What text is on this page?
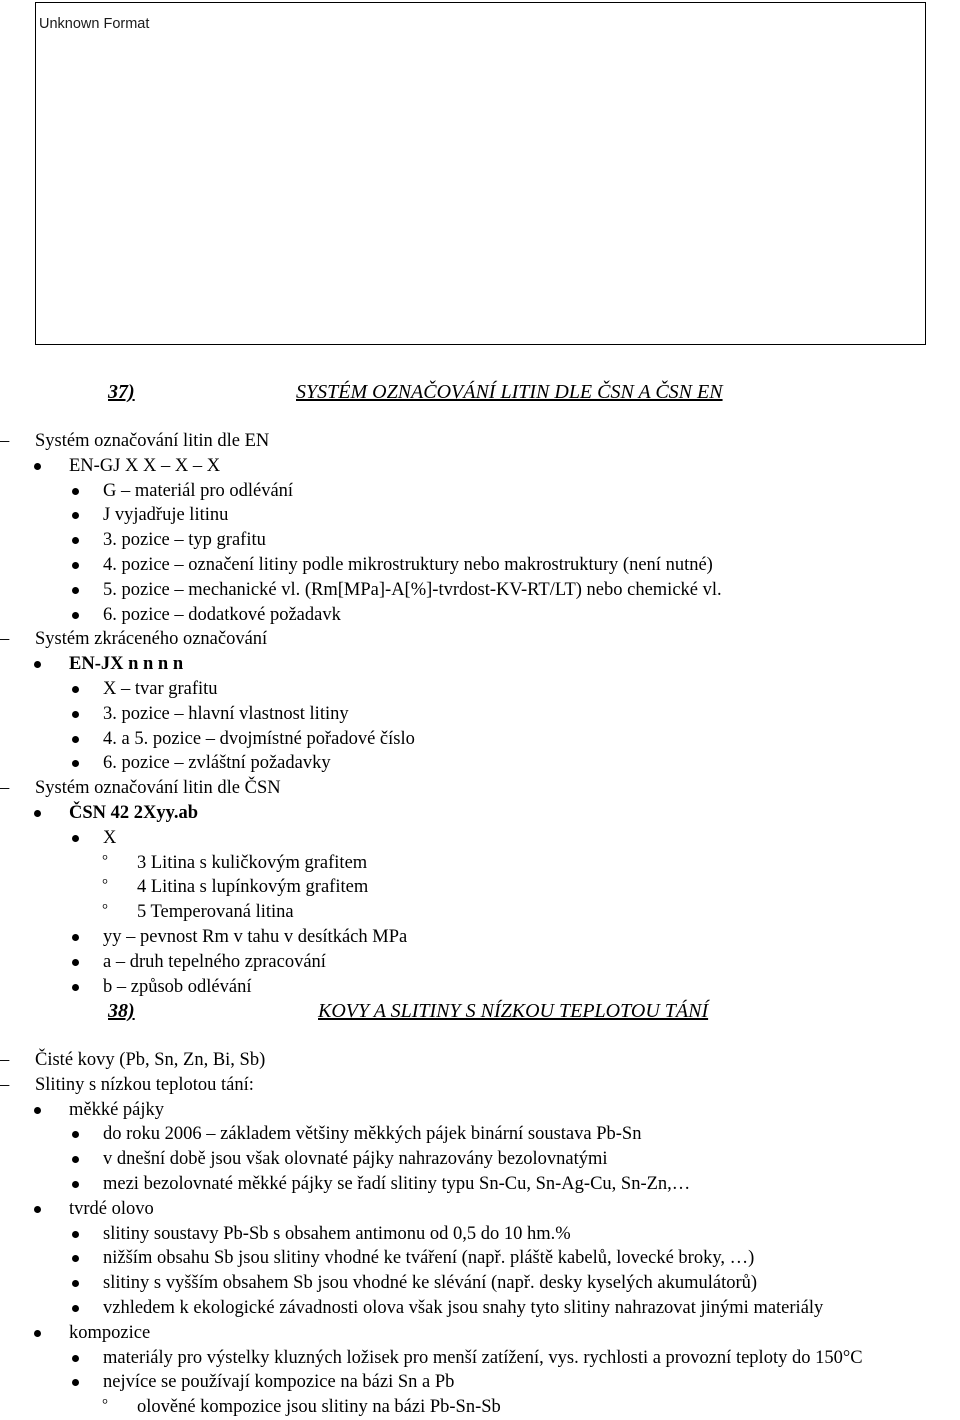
Unknown Format
37)	SYSTÉM OZNAČOVÁNÍ LITIN DLE ČSN A ČSN EN
– Systém označování litin dle EN
EN-GJ X X – X – X
G – materiál pro odlévání
J vyjadřuje litinu
3. pozice – typ grafitu
4. pozice – označení litiny podle mikrostruktury nebo makrostruktury (není nutné)
5. pozice – mechanické vl. (Rm[MPa]-A[%]-tvrdost-KV-RT/LT) nebo chemické vl.
6. pozice – dodatkové požadavk
– Systém zkráceného označování
EN-JX n n n n
X – tvar grafitu
3. pozice – hlavní vlastnost litiny
4. a 5. pozice – dvojmístné pořadové číslo
6. pozice – zvláštní požadavky
– Systém označování litin dle ČSN
ČSN 42 2Xyy.ab
X
° 3 Litina s kuličkovým grafitem
° 4 Litina s lupínkovým grafitem
° 5 Temperovaná litina
yy – pevnost Rm v tahu v desítkách MPa
a – druh tepelného zpracování
b – způsob odlévání
38)	KOVY A SLITINY S NÍZKOU TEPLOTOU TÁNÍ
– Čisté kovy (Pb, Sn, Zn, Bi, Sb)
– Slitiny s nízkou teplotou tání:
měkké pájky
do roku 2006 – základem většiny měkkých pájek binární soustava Pb-Sn
v dnešní době jsou však olovnaté pájky nahrazovány bezolovnatými
mezi bezolovnaté měkké pájky se řadí slitiny typu Sn-Cu, Sn-Ag-Cu, Sn-Zn,…
tvrdé olovo
slitiny soustavy Pb-Sb s obsahem antimonu od 0,5 do 10 hm.%
nižším obsahu Sb jsou slitiny vhodné ke tváření (např. pláště kabelů, lovecké broky, …)
slitiny s vyšším obsahem Sb jsou vhodné ke slévání (např. desky kyselých akumulátorů)
vzhledem k ekologické závadnosti olova však jsou snahy tyto slitiny nahrazovat jinými materiály
kompozice
materiály pro výstelky kluzných ložisek pro menší zatížení, vys. rychlosti a provozní teploty do 150°C
nejvíce se používají kompozice na bázi Sn a Pb
° olověné kompozice jsou slitiny na bázi Pb-Sn-Sb
